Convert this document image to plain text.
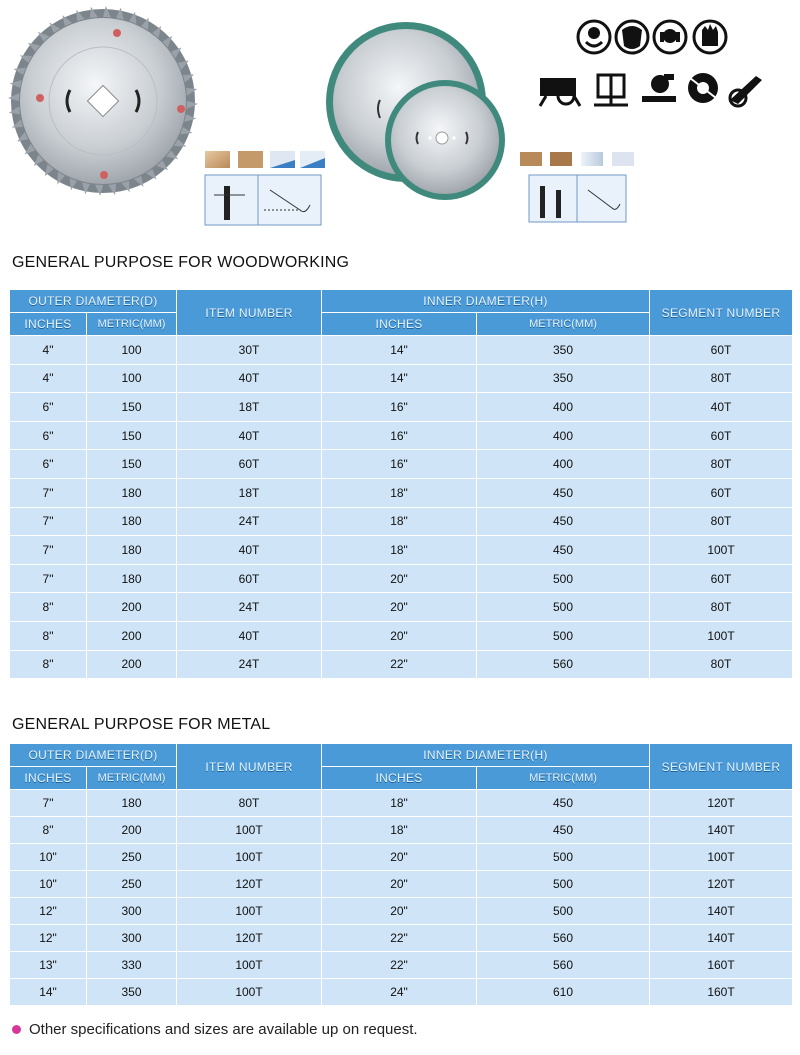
GENERAL PURPOSE FOR WOODWORKING
OUTER DIAMETER(D)		ITEM NUMBER	INNER DIAMETER(H)		SEGMENT NUMBER
INCHES	METRIC(MM)		INCHES	METRIC(MM)	
4"	100	30T	14"	350	60T
4"	100	40T	14"	350	80T
6"	150	18T	16"	400	40T
6"	150	40T	16"	400	60T
6"	150	60T	16"	400	80T
7"	180	18T	18"	450	60T
7"	180	24T	18"	450	80T
7"	180	40T	18"	450	100T
7"	180	60T	20"	500	60T
8"	200	24T	20"	500	80T
8"	200	40T	20"	500	100T
8"	200	24T	22"	560	80T
GENERAL PURPOSE FOR METAL
OUTER DIAMETER(D)		ITEM NUMBER	INNER DIAMETER(H)		SEGMENT NUMBER
INCHES	METRIC(MM)		INCHES	METRIC(MM)	
7"	180	80T	18"	450	120T
8"	200	100T	18"	450	140T
10"	250	100T	20"	500	100T
10"	250	120T	20"	500	120T
12"	300	100T	20"	500	140T
12"	300	120T	22"	560	140T
13"	330	100T	22"	560	160T
14"	350	100T	24"	610	160T
Other specifications and sizes are available up on request.
